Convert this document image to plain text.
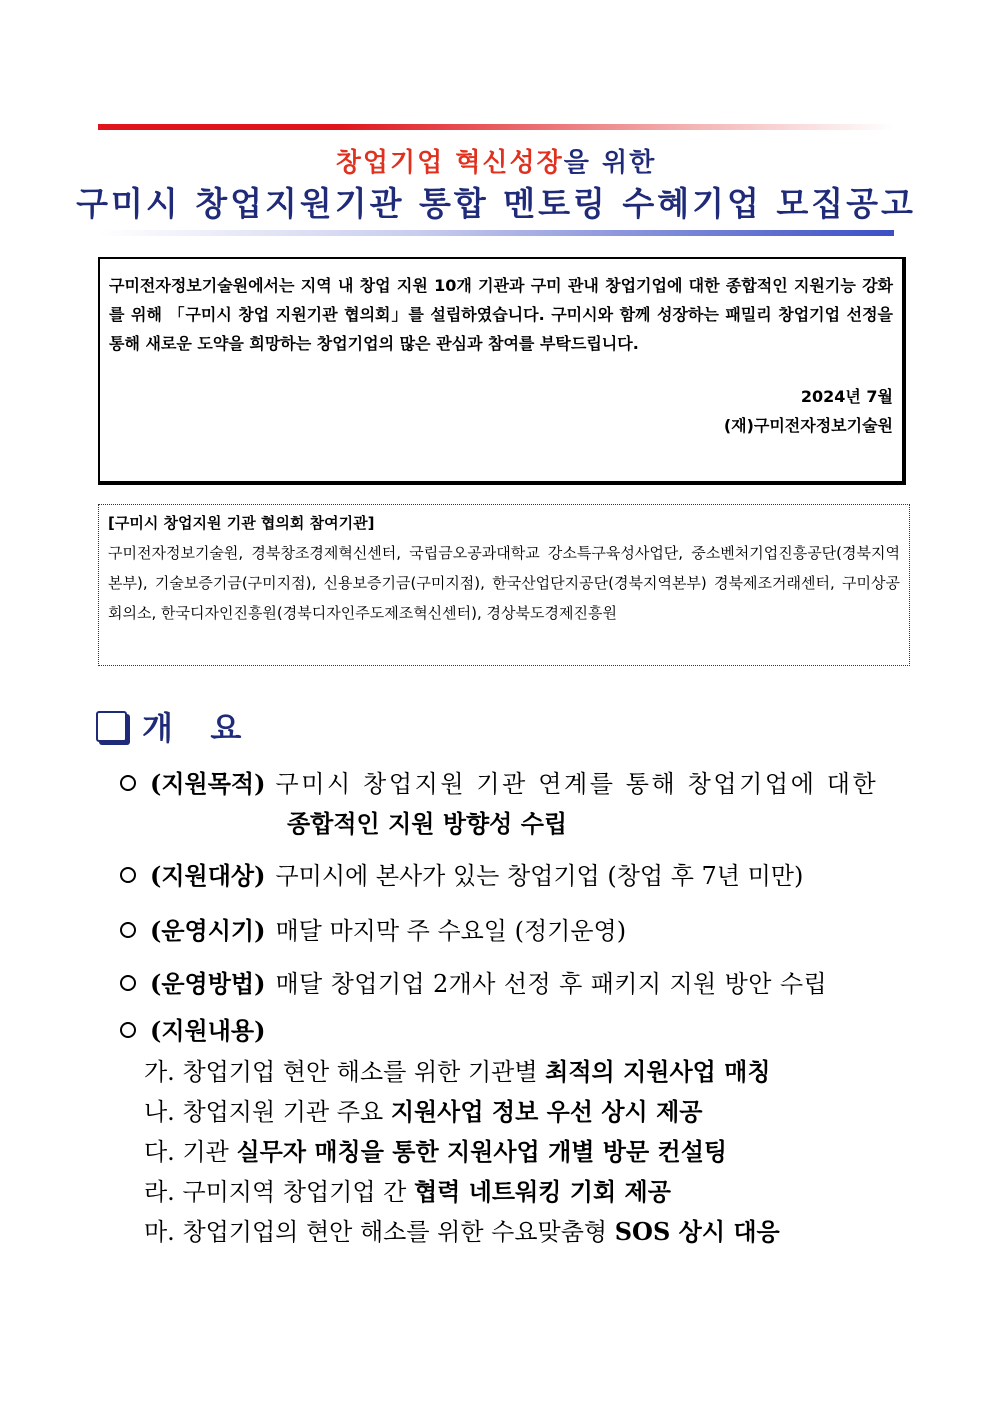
창업기업 혁신성장을 위한
구미시 창업지원기관 통합 멘토링 수혜기업 모집공고
구미전자정보기술원에서는 지역 내 창업 지원 10개 기관과 구미 관내 창업기업에 대한 종합적인 지원기능 강화를 위해 「구미시 창업 지원기관 협의회」를 설립하였습니다. 구미시와 함께 성장하는 패밀리 창업기업 선정을 통해 새로운 도약을 희망하는 창업기업의 많은 관심과 참여를 부탁드립니다.
2024년 7월
(재)구미전자정보기술원
[구미시 창업지원 기관 협의회 참여기관]
구미전자정보기술원, 경북창조경제혁신센터, 국립금오공과대학교 강소특구육성사업단, 중소벤처기업진흥공단(경북지역본부), 기술보증기금(구미지점), 신용보증기금(구미지점), 한국산업단지공단(경북지역본부) 경북제조거래센터, 구미상공회의소, 한국디자인진흥원(경북디자인주도제조혁신센터), 경상북도경제진흥원
개   요
(지원목적) 구미시 창업지원 기관 연계를 통해 창업기업에 대한
종합적인 지원 방향성 수립
(지원대상) 구미시에 본사가 있는 창업기업 (창업 후 7년 미만)
(운영시기) 매달 마지막 주 수요일 (정기운영)
(운영방법) 매달 창업기업 2개사 선정 후 패키지 지원 방안 수립
(지원내용)
가. 창업기업 현안 해소를 위한 기관별 최적의 지원사업 매칭
나. 창업지원 기관 주요 지원사업 정보 우선 상시 제공
다. 기관 실무자 매칭을 통한 지원사업 개별 방문 컨설팅
라. 구미지역 창업기업 간 협력 네트워킹 기회 제공
마. 창업기업의 현안 해소를 위한 수요맞춤형 SOS 상시 대응
